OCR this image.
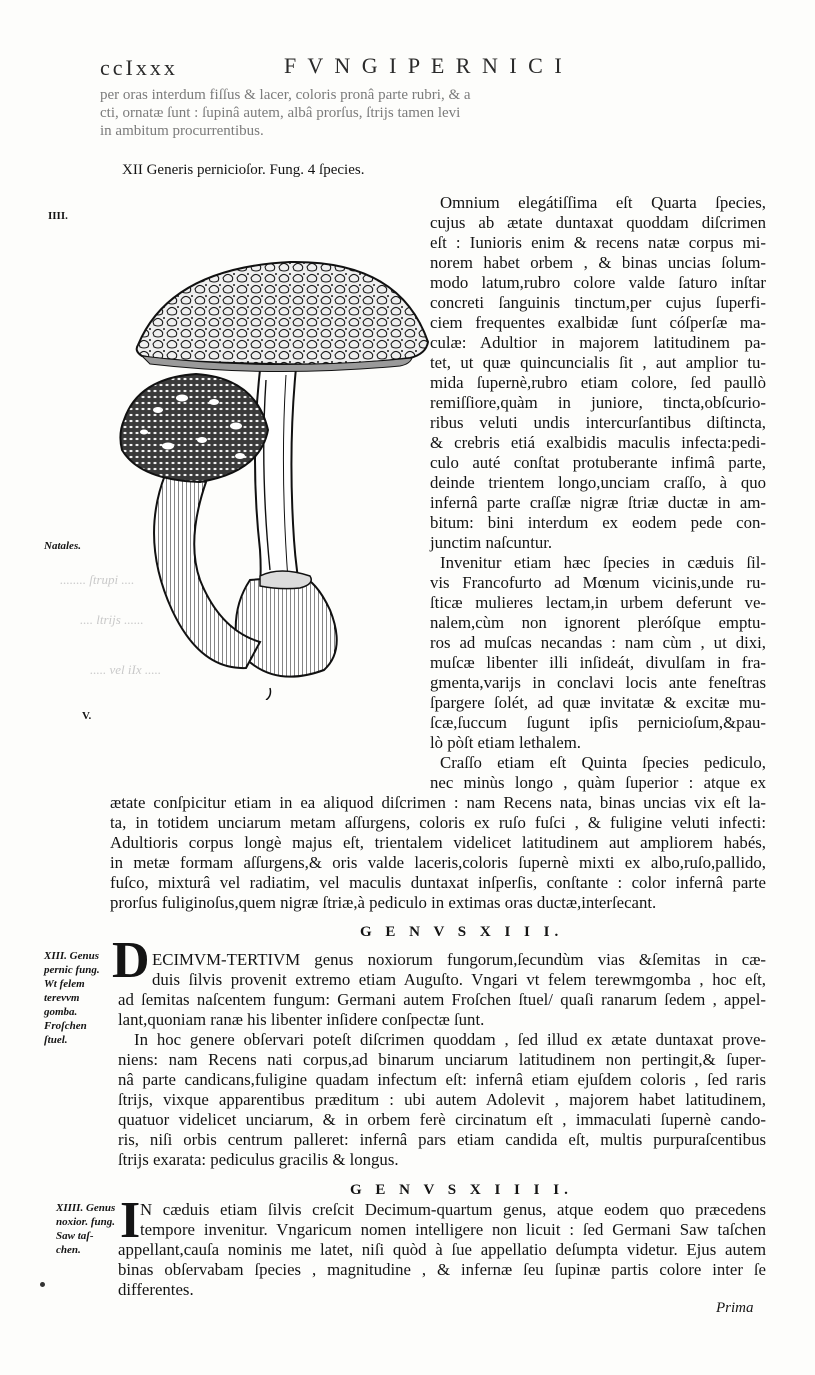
ccIxxx	F V N G I P E R N I C I
per oras interdum fiſſus & lacer, coloris pronâ parte rubri, & a
cti, ornatæ ſunt : ſupinâ autem, albâ prorſus, ſtrijs tamen levi
in ambitum procurrentibus.
XII Generis pernicioſor. Fung. 4 ſpecies.
IIII.
Natales.
V.
........ ſtrupi ....
.... ltrijs ......
..... vel iIx .....
Omnium elegátiſſima eſt Quarta ſpecies,
cujus ab ætate duntaxat quoddam diſcrimen
eſt : Iunioris enim & recens natæ corpus mi-
norem habet orbem , & binas uncias ſolum-
modo latum,rubro colore valde ſaturo inſtar
concreti ſanguinis tinctum,per cujus ſuperfi-
ciem frequentes exalbidæ ſunt cóſperſæ ma-
culæ: Adultior in majorem latitudinem pa-
tet, ut quæ quincuncialis ſit , aut amplior tu-
mida ſupernè,rubro etiam colore, ſed paullò
remiſſiore,quàm in juniore, tincta,obſcurio-
ribus veluti undis intercurſantibus diſtincta,
& crebris etiá exalbidis maculis infecta:pedi-
culo auté conſtat protuberante infimâ parte,
deinde trientem longo,unciam craſſo, à quo
infernâ parte craſſæ nigræ ſtriæ ductæ in am-
bitum: bini interdum ex eodem pede con-
junctim naſcuntur.
Invenitur etiam hæc ſpecies in cæduis ſil-
vis Francofurto ad Mœnum vicinis,unde ru-
ſticæ mulieres lectam,in urbem deferunt ve-
nalem,cùm non ignorent pleróſque emptu-
ros ad muſcas necandas : nam cùm , ut dixi,
muſcæ libenter illi inſideát, divulſam in fra-
gmenta,varijs in conclavi locis ante feneſtras
ſpargere ſolét, ad quæ invitatæ & excitæ mu-
ſcæ,ſuccum ſugunt ipſis pernicioſum,&pau-
lò pòſt etiam lethalem.
Craſſo etiam eſt Quinta ſpecies pediculo,
nec minùs longo , quàm ſuperior : atque ex
ætate conſpicitur etiam in ea aliquod diſcrimen : nam Recens nata, binas uncias vix eſt la-
ta, in totidem unciarum metam aſſurgens, coloris ex ruſo fuſci , & fuligine veluti infecti:
Adultioris corpus longè majus eſt, trientalem videlicet latitudinem aut ampliorem habés,
in metæ formam aſſurgens,& oris valde laceris,coloris ſupernè mixti ex albo,ruſo,pallido,
fuſco, mixturâ vel radiatim, vel maculis duntaxat inſperſis, conſtante : color infernâ parte
prorſus fuliginoſus,quem nigræ ſtriæ,à pediculo in extimas oras ductæ,interſecant.
G E N V S X I I I.
XIII. Genus
pernic fung.
Wt felem
terevvm
gomba.
Froſchen
ſtuel.
D ECIMVM-TERTIVM genus noxiorum fungorum,ſecundùm vias &ſemitas in cæ-
duis ſilvis provenit extremo etiam Auguſto. Vngari vt felem terewmgomba , hoc eſt,
ad ſemitas naſcentem fungum: Germani autem Froſchen ſtuel/ quaſi ranarum ſedem , appel-
lant,quoniam ranæ his libenter inſidere conſpectæ ſunt.
In hoc genere obſervari poteſt diſcrimen quoddam , ſed illud ex ætate duntaxat prove-
niens: nam Recens nati corpus,ad binarum unciarum latitudinem non pertingit,& ſuper-
nâ parte candicans,fuligine quadam infectum eſt: infernâ etiam ejuſdem coloris , ſed raris
ſtrijs, vixque apparentibus præditum : ubi autem Adolevit , majorem habet latitudinem,
quatuor videlicet unciarum, & in orbem ferè circinatum eſt , immaculati ſupernè cando-
ris, niſi orbis centrum palleret: infernâ pars etiam candida eſt, multis purpuraſcentibus
ſtrijs exarata: pediculus gracilis & longus.
G E N V S X I I I I.
XIIII. Genus
noxior. fung.
Saw taſ-
chen.
I N cæduis etiam ſilvis creſcit Decimum-quartum genus, atque eodem quo præcedens
tempore invenitur. Vngaricum nomen intelligere non licuit : ſed Germani Saw taſchen
appellant,cauſa nominis me latet, niſi quòd à ſue appellatio deſumpta videtur. Ejus autem
binas obſervabam ſpecies , magnitudine , & infernæ ſeu ſupinæ partis colore inter ſe
differentes.
Prima
